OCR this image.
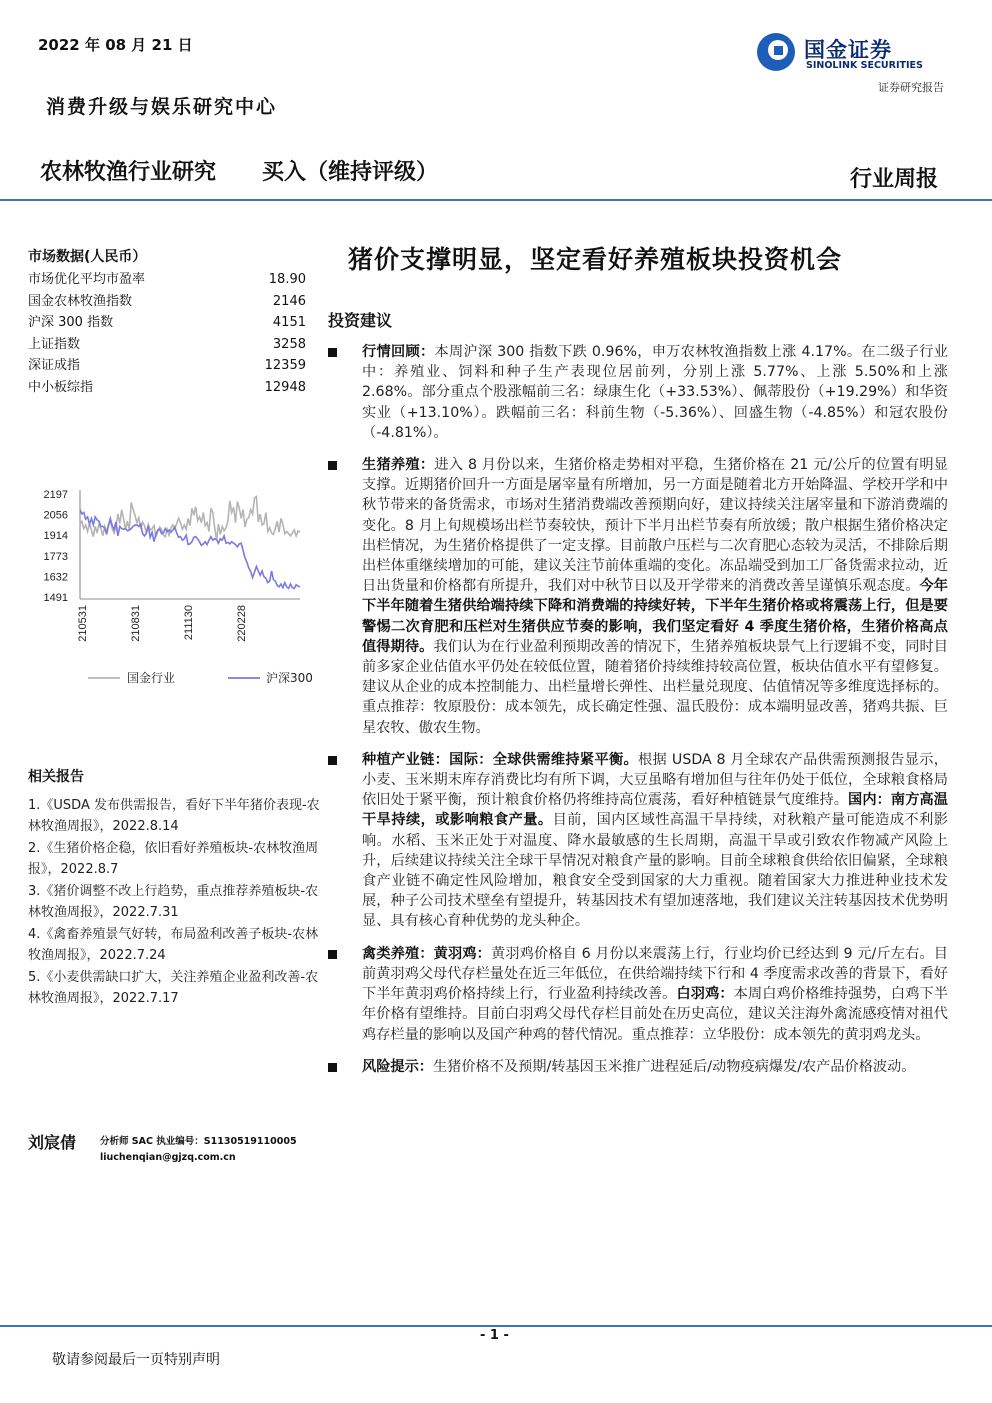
2022 年 08 月 21 日	国金证券
SINOLINK SECURITIES
证券研究报告
消费升级与娱乐研究中心
农林牧渔行业研究 买入（维持评级）	行业周报
市场数据(人民币）
市场优化平均市盈率	18.90
国金农林牧渔指数	2146
沪深 300 指数	4151
上证指数	3258
深证成指	12359
中小板综指	12948
2197
2056
1914
1773
1632
1491
210531	210831	211130	220228
国金行业	沪深300
相关报告
1.《USDA 发布供需报告，看好下半年猪价表现-农林牧渔周报》，2022.8.14
2.《生猪价格企稳，依旧看好养殖板块-农林牧渔周报》，2022.8.7
3.《猪价调整不改上行趋势，重点推荐养殖板块-农林牧渔周报》，2022.7.31
4.《禽畜养殖景气好转，布局盈利改善子板块-农林牧渔周报》，2022.7.24
5.《小麦供需缺口扩大，关注养殖企业盈利改善-农林牧渔周报》，2022.7.17
刘宸倩	分析师 SAC 执业编号：S1130519110005
liuchenqian@gjzq.com.cn
猪价支撑明显，坚定看好养殖板块投资机会
投资建议
行情回顾：本周沪深 300 指数下跌 0.96%，申万农林牧渔指数上涨 4.17%。在二级子行业中：养殖业、饲料和种子生产表现位居前列，分别上涨 5.77%、上涨 5.50%和上涨 2.68%。部分重点个股涨幅前三名：绿康生化（+33.53%）、佩蒂股份（+19.29%）和华资实业（+13.10%）。跌幅前三名：科前生物（-5.36%）、回盛生物（-4.85%）和冠农股份（-4.81%）。
生猪养殖：进入 8 月份以来，生猪价格走势相对平稳，生猪价格在 21 元/公斤的位置有明显支撑。近期猪价回升一方面是屠宰量有所增加，另一方面是随着北方开始降温、学校开学和中秋节带来的备货需求，市场对生猪消费端改善预期向好，建议持续关注屠宰量和下游消费端的变化。8 月上旬规模场出栏节奏较快，预计下半月出栏节奏有所放缓；散户根据生猪价格决定出栏情况，为生猪价格提供了一定支撑。目前散户压栏与二次育肥心态较为灵活，不排除后期出栏体重继续增加的可能，建议关注节前体重端的变化。冻品端受到加工厂备货需求拉动，近日出货量和价格都有所提升，我们对中秋节日以及开学带来的消费改善呈谨慎乐观态度。今年下半年随着生猪供给端持续下降和消费端的持续好转，下半年生猪价格或将震荡上行，但是要警惕二次育肥和压栏对生猪供应节奏的影响，我们坚定看好 4 季度生猪价格，生猪价格高点值得期待。我们认为在行业盈利预期改善的情况下，生猪养殖板块景气上行逻辑不变，同时目前多家企业估值水平仍处在较低位置，随着猪价持续维持较高位置，板块估值水平有望修复。建议从企业的成本控制能力、出栏量增长弹性、出栏量兑现度、估值情况等多维度选择标的。重点推荐：牧原股份：成本领先，成长确定性强、温氏股份：成本端明显改善，猪鸡共振、巨星农牧、傲农生物。
种植产业链：国际：全球供需维持紧平衡。根据 USDA 8 月全球农产品供需预测报告显示，小麦、玉米期末库存消费比均有所下调，大豆虽略有增加但与往年仍处于低位，全球粮食格局依旧处于紧平衡，预计粮食价格仍将维持高位震荡，看好种植链景气度维持。国内：南方高温干旱持续，或影响粮食产量。目前，国内区域性高温干旱持续，对秋粮产量可能造成不利影响。水稻、玉米正处于对温度、降水最敏感的生长周期，高温干旱或引致农作物减产风险上升，后续建议持续关注全球干旱情况对粮食产量的影响。目前全球粮食供给依旧偏紧，全球粮食产业链不确定性风险增加，粮食安全受到国家的大力重视。随着国家大力推进种业技术发展，种子公司技术壁垒有望提升，转基因技术有望加速落地，我们建议关注转基因技术优势明显、具有核心育种优势的龙头种企。
禽类养殖：黄羽鸡：黄羽鸡价格自 6 月份以来震荡上行，行业均价已经达到 9 元/斤左右。目前黄羽鸡父母代存栏量处在近三年低位，在供给端持续下行和 4 季度需求改善的背景下，看好下半年黄羽鸡价格持续上行，行业盈利持续改善。白羽鸡：本周白鸡价格维持强势，白鸡下半年价格有望维持。目前白羽鸡父母代存栏目前处在历史高位，建议关注海外禽流感疫情对祖代鸡存栏量的影响以及国产种鸡的替代情况。重点推荐：立华股份：成本领先的黄羽鸡龙头。
风险提示：生猪价格不及预期/转基因玉米推广进程延后/动物疫病爆发/农产品价格波动。
- 1 -
敬请参阅最后一页特别声明
